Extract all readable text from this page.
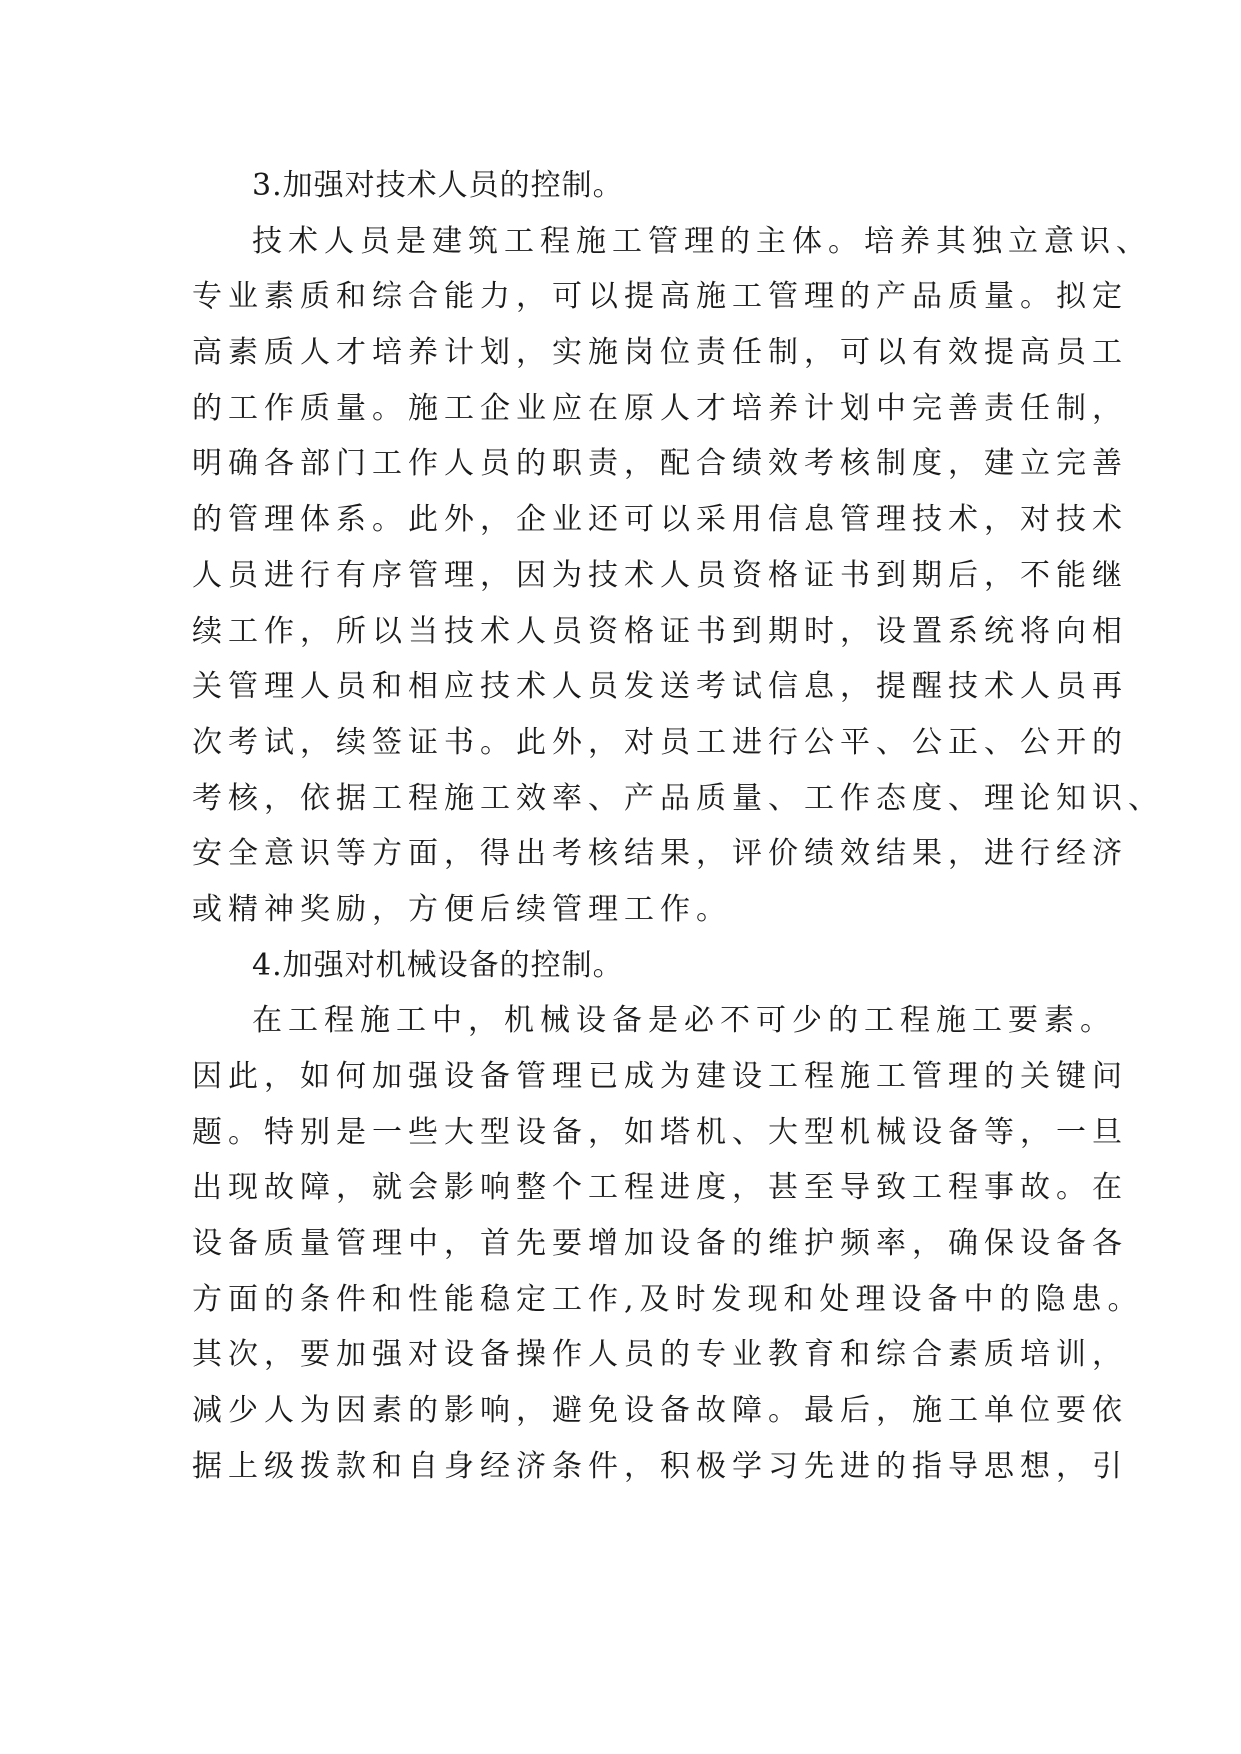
3.加强对技术人员的控制。
技术人员是建筑工程施工管理的主体。培养其独立意识、
专业素质和综合能力，可以提高施工管理的产品质量。拟定
高素质人才培养计划，实施岗位责任制，可以有效提高员工
的工作质量。施工企业应在原人才培养计划中完善责任制，
明确各部门工作人员的职责，配合绩效考核制度，建立完善
的管理体系。此外，企业还可以采用信息管理技术，对技术
人员进行有序管理，因为技术人员资格证书到期后，不能继
续工作，所以当技术人员资格证书到期时，设置系统将向相
关管理人员和相应技术人员发送考试信息，提醒技术人员再
次考试，续签证书。此外，对员工进行公平、公正、公开的
考核，依据工程施工效率、产品质量、工作态度、理论知识、
安全意识等方面，得出考核结果，评价绩效结果，进行经济
或精神奖励，方便后续管理工作。
4.加强对机械设备的控制。
在工程施工中，机械设备是必不可少的工程施工要素。
因此，如何加强设备管理已成为建设工程施工管理的关键问
题。特别是一些大型设备，如塔机、大型机械设备等，一旦
出现故障，就会影响整个工程进度，甚至导致工程事故。在
设备质量管理中，首先要增加设备的维护频率，确保设备各
方面的条件和性能稳定工作,及时发现和处理设备中的隐患。
其次，要加强对设备操作人员的专业教育和综合素质培训，
减少人为因素的影响，避免设备故障。最后，施工单位要依
据上级拨款和自身经济条件，积极学习先进的指导思想，引
